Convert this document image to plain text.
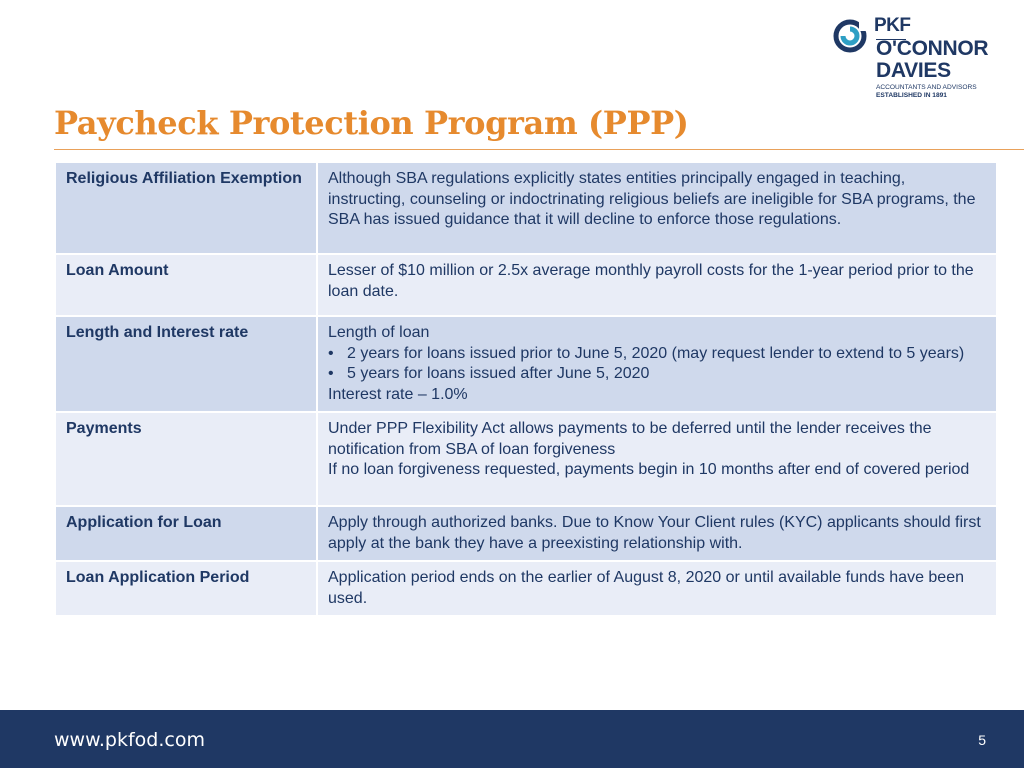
PKF
O'CONNOR
DAVIES
ACCOUNTANTS AND ADVISORS
ESTABLISHED IN 1891
Paycheck Protection Program (PPP)
Religious Affiliation Exemption	Although SBA regulations explicitly states entities principally engaged in teaching, instructing, counseling or indoctrinating religious beliefs are ineligible for SBA programs, the SBA has issued guidance that it will decline to enforce those regulations.
Loan Amount	Lesser of $10 million or 2.5x average monthly payroll costs for the 1-year period prior to the loan date.
Length and Interest rate	Length of loan
• 2 years for loans issued prior to June 5, 2020 (may request lender to extend to 5 years)
• 5 years for loans issued after June 5, 2020
Interest rate – 1.0%

Payments	Under PPP Flexibility Act allows payments to be deferred until the lender receives the notification from SBA of loan forgiveness
If no loan forgiveness requested, payments begin in 10 months after end of covered period

Application for Loan	Apply through authorized banks. Due to Know Your Client rules (KYC) applicants should first apply at the bank they have a preexisting relationship with.
Loan Application Period	Application period ends on the earlier of August 8, 2020 or until available funds have been used.
www.pkfod.com	5
